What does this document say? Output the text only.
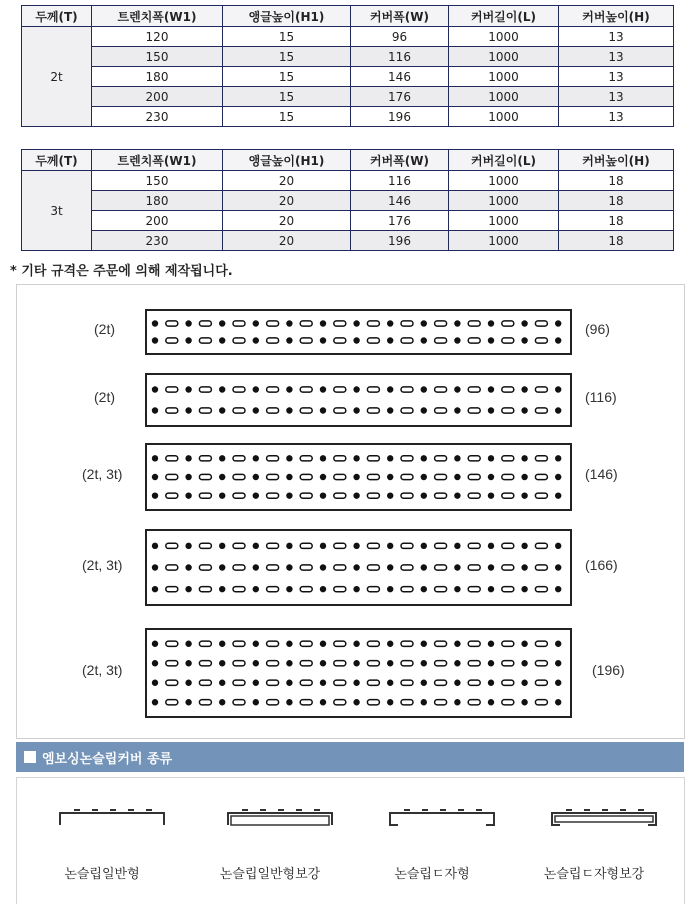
두께(T)	트렌치폭(W1)	앵글높이(H1)	커버폭(W)	커버길이(L)	커버높이(H)
2t	120	15	96	1000	13
	150	15	116	1000	13
	180	15	146	1000	13
	200	15	176	1000	13
	230	15	196	1000	13
두께(T)	트렌치폭(W1)	앵글높이(H1)	커버폭(W)	커버길이(L)	커버높이(H)
3t	150	20	116	1000	18
	180	20	146	1000	18
	200	20	176	1000	18
	230	20	196	1000	18
* 기타 규격은 주문에 의해 제작됩니다.
(2t)	(96)
(2t)	(116)
(2t, 3t)	(146)
(2t, 3t)	(166)
(2t, 3t)	(196)
엠보싱논슬립커버 종류
논슬립일반형	논슬립일반형보강	논슬립ㄷ자형	논슬립ㄷ자형보강
